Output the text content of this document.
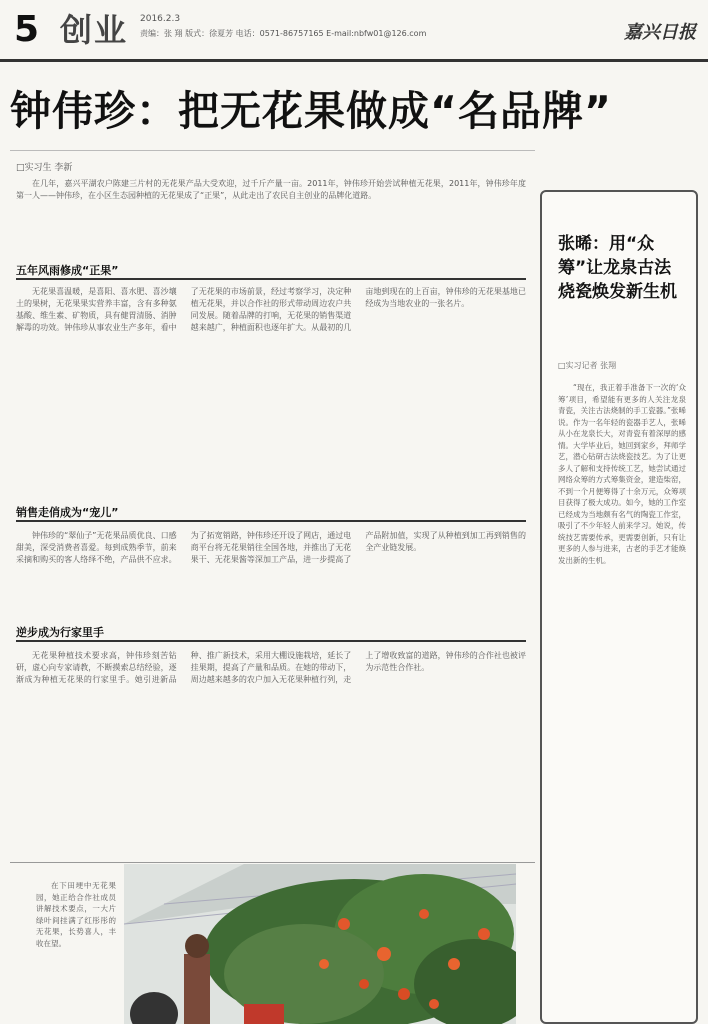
5 创业 2016.2.3
责编：张 翔 版式：徐夏芳 电话：0571-86757165 E-mail:nbfw01@126.com	嘉兴日报
钟伟珍：把无花果做成“名品牌”
□实习生 李新

在几年，嘉兴平湖农户陈建三片村的无花果产品大受欢迎，过千斤产量一亩。2011年，钟伟珍开始尝试种植无花果，2011年，钟伟珍年度第一人——钟伟珍，在小区生态园种植的无花果成了“正果”，从此走出了农民自主创业的品牌化道路。

五年风雨修成“正果”

无花果喜温暖，是喜阳、喜水肥、喜沙壤土的果树，无花果果实营养丰富，含有多种氨基酸、维生素、矿物质，具有健胃清肠、消肿解毒的功效。钟伟珍从事农业生产多年，看中了无花果的市场前景，经过考察学习，决定种植无花果，并以合作社的形式带动周边农户共同发展。随着品牌的打响，无花果的销售渠道越来越广，种植面积也逐年扩大。从最初的几亩地到现在的上百亩，钟伟珍的无花果基地已经成为当地农业的一张名片。

销售走俏成为“宠儿”

钟伟珍的“翠仙子”无花果品质优良、口感甜美，深受消费者喜爱。每到成熟季节，前来采摘和购买的客人络绎不绝，产品供不应求。为了拓宽销路，钟伟珍还开设了网店，通过电商平台将无花果销往全国各地，并推出了无花果干、无花果酱等深加工产品，进一步提高了产品附加值，实现了从种植到加工再到销售的全产业链发展。

逆步成为行家里手

无花果种植技术要求高，钟伟珍刻苦钻研，虚心向专家请教，不断摸索总结经验，逐渐成为种植无花果的行家里手。她引进新品种、推广新技术，采用大棚设施栽培，延长了挂果期，提高了产量和品质。在她的带动下，周边越来越多的农户加入无花果种植行列，走上了增收致富的道路，钟伟珍的合作社也被评为示范性合作社。

在下田埂中无花果园，她正给合作社成员讲解技术要点，一大片绿叶间挂满了红彤彤的无花果，长势喜人，丰收在望。

张晞：用“众筹”让龙泉古法烧瓷焕发新生机
□实习记者 张翔

“现在，我正着手准备下一次的‘众筹’项目，希望能有更多的人关注龙泉青瓷，关注古法烧制的手工瓷器。”张晞说。作为一名年轻的瓷器手艺人，张晞从小在龙泉长大，对青瓷有着深厚的感情。大学毕业后，她回到家乡，拜师学艺，潜心钻研古法烧瓷技艺。为了让更多人了解和支持传统工艺，她尝试通过网络众筹的方式筹集资金，建造柴窑，不到一个月便筹得了十余万元，众筹项目获得了极大成功。如今，她的工作室已经成为当地颇有名气的陶瓷工作室，吸引了不少年轻人前来学习。她说，传统技艺需要传承，更需要创新，只有让更多的人参与进来，古老的手艺才能焕发出新的生机。
